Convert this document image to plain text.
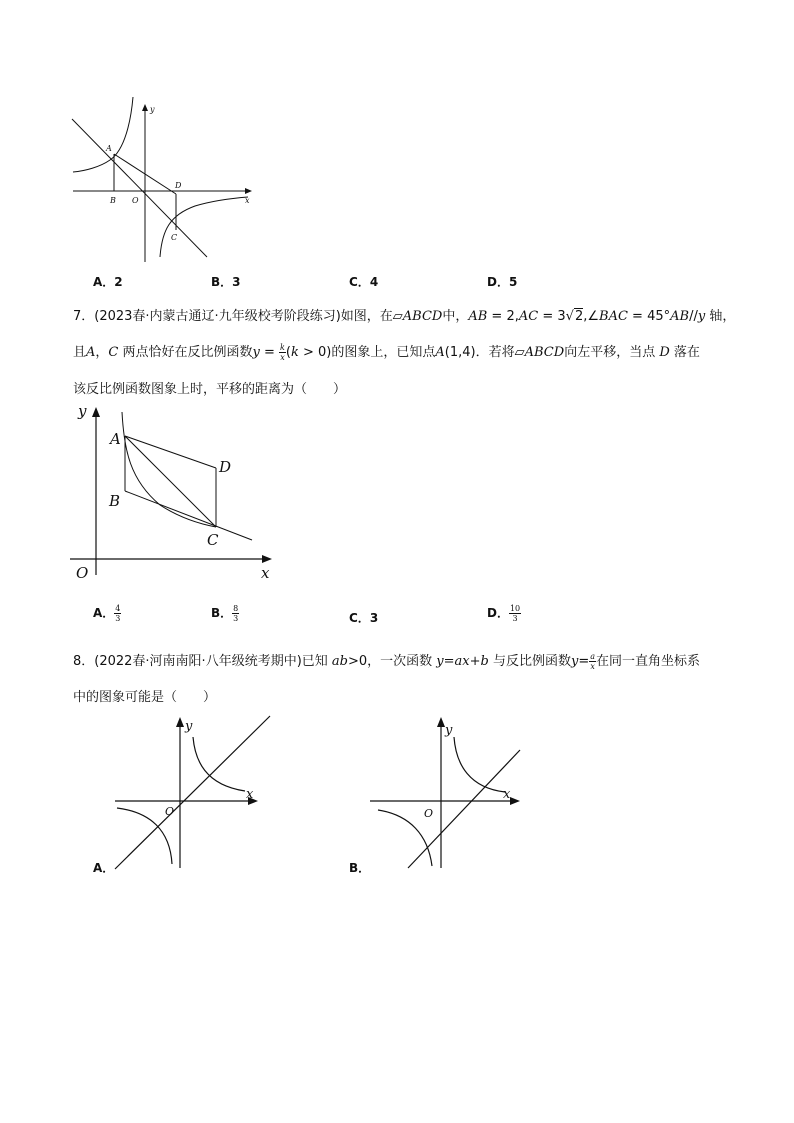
y
x
A
B O
D
C
A．2	B．3	C．4	D．5
7．(2023春·内蒙古通辽·九年级校考阶段练习)如图，在▱ABCD中，AB = 2,AC = 3√2,∠BAC = 45°AB//y 轴，
且A，C 两点恰好在反比例函数$y = \frac{k}{x} (k > 0)$的图象上，已知点A(1,4)．若将▱ABCD向左平移，当点 D 落在
该反比例函数图象上时，平移的距离为（　　）
y
x
O
A
B
C
D
A． $\frac{4}{3}$	B． $\frac{8}{3}$	C．3	D． $\frac{10}{3}$
8．(2022春·河南南阳·八年级统考期中)已知 ab>0，一次函数 y=ax+b 与反比例函数$y= \frac{a}{x}$ 在同一直角坐标系
中的图象可能是（　　）
y
x
O
y
x
O
A．	B．
